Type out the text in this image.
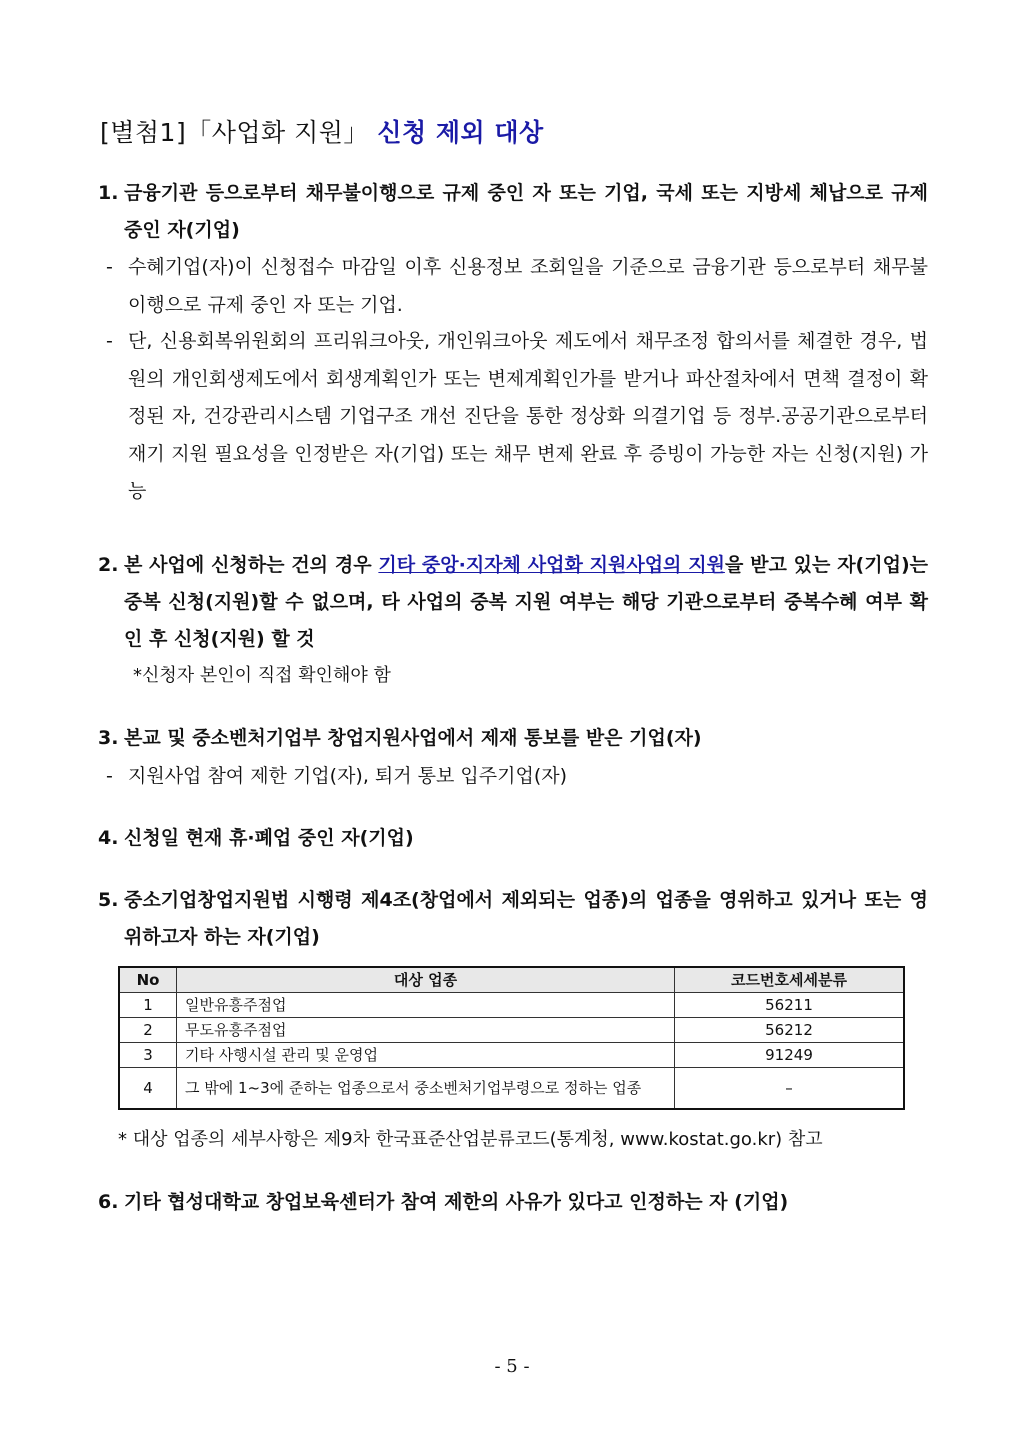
[별첨1]「사업화 지원」 신청 제외 대상
1. 금융기관 등으로부터 채무불이행으로 규제 중인 자 또는 기업, 국세 또는 지방세 체납으로 규제 중인 자(기업)
- 수혜기업(자)이 신청접수 마감일 이후 신용정보 조회일을 기준으로 금융기관 등으로부터 채무불이행으로 규제 중인 자 또는 기업.
- 단, 신용회복위원회의 프리워크아웃, 개인워크아웃 제도에서 채무조정 합의서를 체결한 경우, 법원의 개인회생제도에서 회생계획인가 또는 변제계획인가를 받거나 파산절차에서 면책 결정이 확정된 자, 건강관리시스템 기업구조 개선 진단을 통한 정상화 의결기업 등 정부.공공기관으로부터 재기 지원 필요성을 인정받은 자(기업) 또는 채무 변제 완료 후 증빙이 가능한 자는 신청(지원) 가능
2. 본 사업에 신청하는 건의 경우 기타 중앙·지자체 사업화 지원사업의 지원을 받고 있는 자(기업)는 중복 신청(지원)할 수 없으며, 타 사업의 중복 지원 여부는 해당 기관으로부터 중복수혜 여부 확인 후 신청(지원) 할 것
*신청자 본인이 직접 확인해야 함
3. 본교 및 중소벤처기업부 창업지원사업에서 제재 통보를 받은 기업(자)
- 지원사업 참여 제한 기업(자), 퇴거 통보 입주기업(자)
4. 신청일 현재 휴·폐업 중인 자(기업)
5. 중소기업창업지원법 시행령 제4조(창업에서 제외되는 업종)의 업종을 영위하고 있거나 또는 영위하고자 하는 자(기업)
No	대상 업종	코드번호세세분류
1	일반유흥주점업	56211
2	무도유흥주점업	56212
3	기타 사행시설 관리 및 운영업	91249
4	그 밖에 1~3에 준하는 업종으로서 중소벤처기업부령으로 정하는 업종	–
* 대상 업종의 세부사항은 제9차 한국표준산업분류코드(통계청, www.kostat.go.kr) 참고
6. 기타 협성대학교 창업보육센터가 참여 제한의 사유가 있다고 인정하는 자 (기업)
- 5 -
